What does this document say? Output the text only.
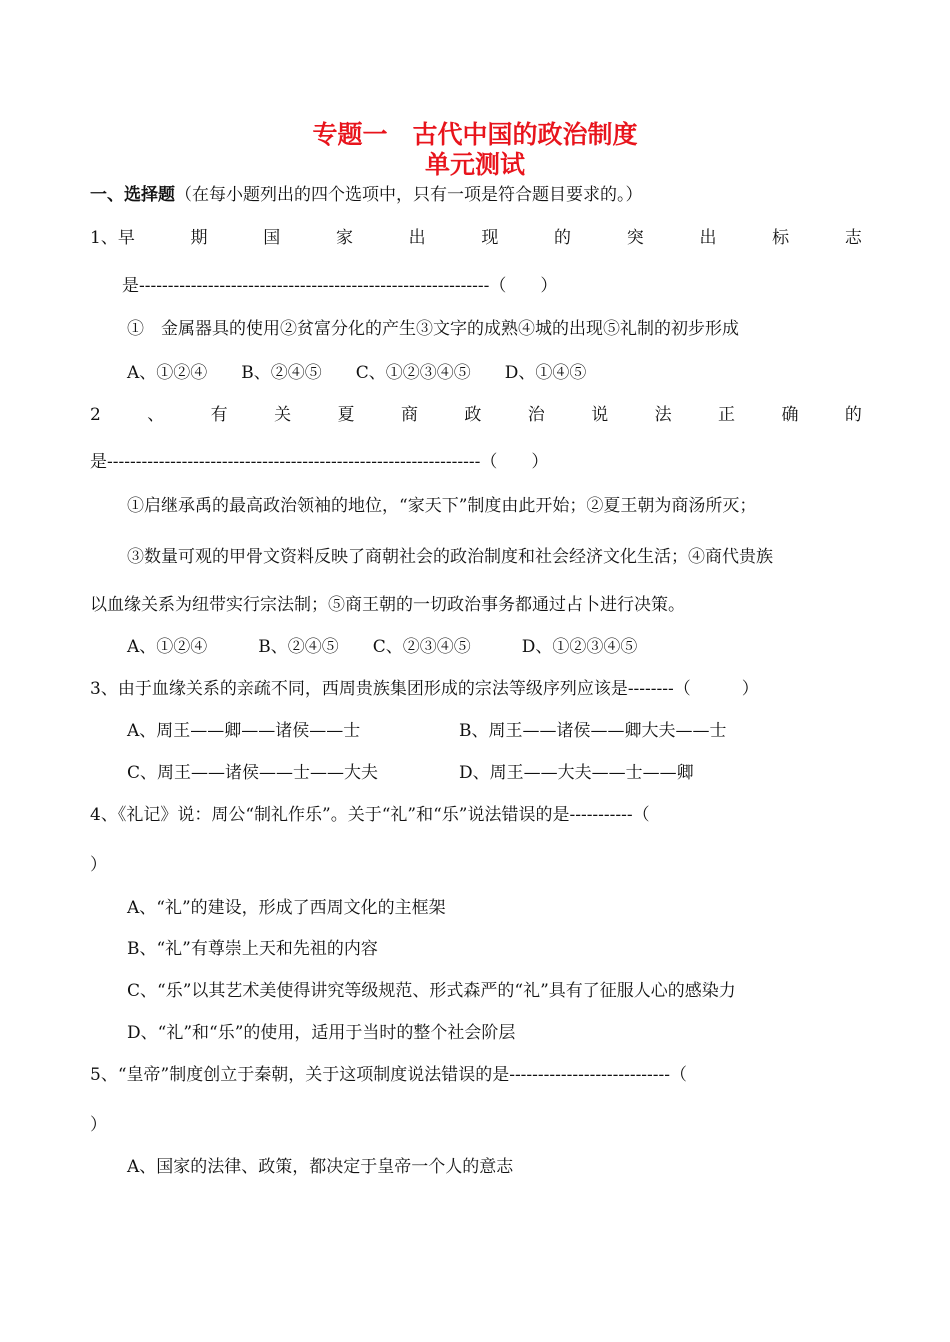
专题一　古代中国的政治制度
单元测试
一、选择题（在每小题列出的四个选项中，只有一项是符合题目要求的。）
1、早	期	国	家	出	现	的	突	出	标	志
是-------------------------------------------------------------（　　）
①　金属器具的使用②贫富分化的产生③文字的成熟④城的出现⑤礼制的初步形成
A、①②④　　B、②④⑤　　C、①②③④⑤　　D、①④⑤
2	、	有	关	夏	商	政	治	说	法	正	确	的
是-----------------------------------------------------------------（　　）
①启继承禹的最高政治领袖的地位，“家天下”制度由此开始；②夏王朝为商汤所灭；
③数量可观的甲骨文资料反映了商朝社会的政治制度和社会经济文化生活；④商代贵族
以血缘关系为纽带实行宗法制；⑤商王朝的一切政治事务都通过占卜进行决策。
A、①②④　　　B、②④⑤　　C、②③④⑤　　　D、①②③④⑤
3、由于血缘关系的亲疏不同，西周贵族集团形成的宗法等级序列应该是--------（　　　）
A、周王——卿——诸侯——士	B、周王——诸侯——卿大夫——士
C、周王——诸侯——士——大夫	D、周王——大夫——士——卿
4、《礼记》说：周公“制礼作乐”。关于“礼”和“乐”说法错误的是-----------（
）
A、“礼”的建设，形成了西周文化的主框架
B、“礼”有尊崇上天和先祖的内容
C、“乐”以其艺术美使得讲究等级规范、形式森严的“礼”具有了征服人心的感染力
D、“礼”和“乐”的使用，适用于当时的整个社会阶层
5、“皇帝”制度创立于秦朝，关于这项制度说法错误的是----------------------------（
）
A、国家的法律、政策，都决定于皇帝一个人的意志
